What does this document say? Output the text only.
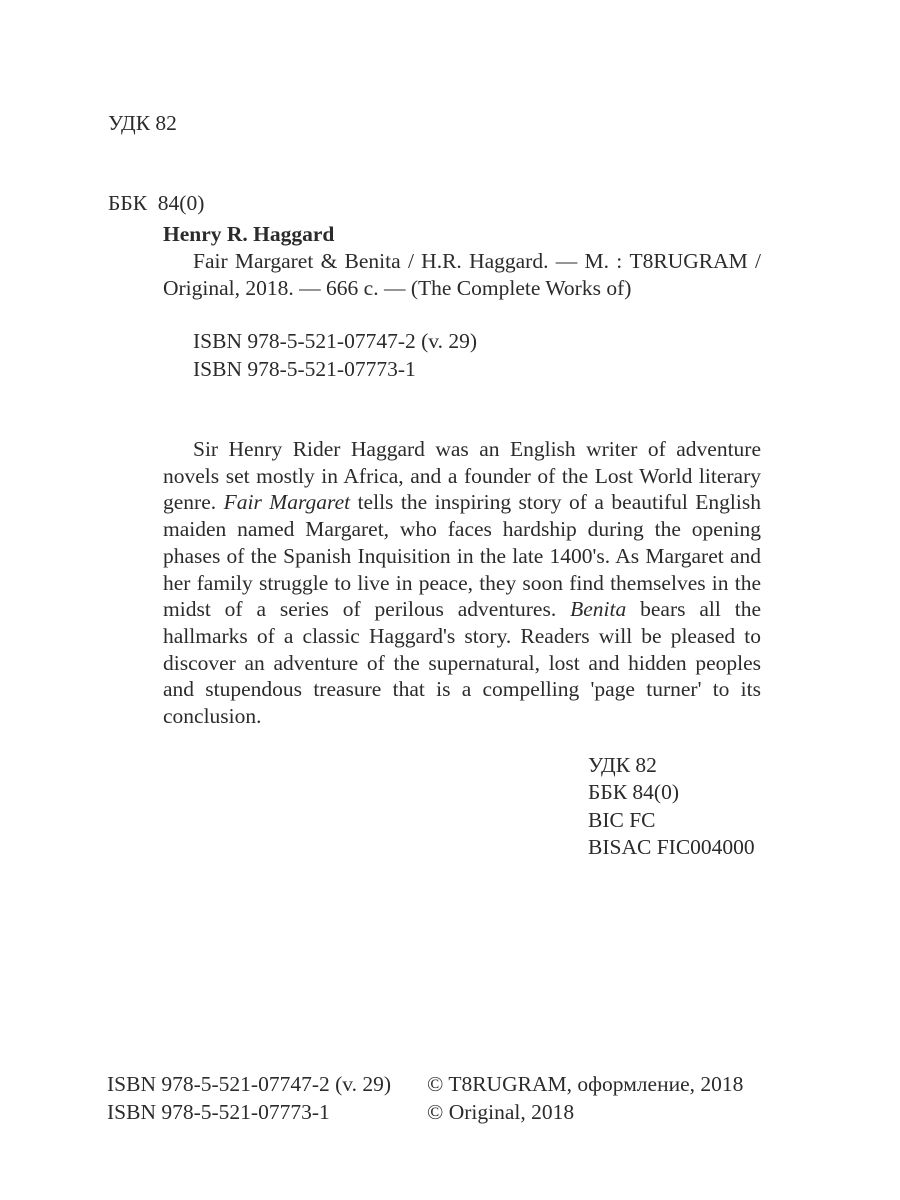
УДК 82

ББК  84(0)

Henry R. Haggard

Fair Margaret & Benita / H.R. Haggard. — М. : T8RUGRAM / Original, 2018. — 666 с. — (The Complete Works of)

ISBN 978-5-521-07747-2 (v. 29)

ISBN 978-5-521-07773-1

Sir Henry Rider Haggard was an English writer of adventure novels set mostly in Africa, and a founder of the Lost World literary genre. Fair Margaret tells the inspiring story of a beautiful English maiden named Margaret, who faces hardship during the opening phases of the Spanish Inquisition in the late 1400's. As Margaret and her family struggle to live in peace, they soon find themselves in the midst of a series of perilous adventures. Benita bears all the hallmarks of a classic Haggard's story. Readers will be pleased to discover an adventure of the supernatural, lost and hidden peoples and stupendous treasure that is a compelling 'page turner' to its conclusion.

УДК 82

ББК 84(0)

BIC FC

BISAC FIC004000

ISBN 978-5-521-07747-2 (v. 29)

ISBN 978-5-521-07773-1

© T8RUGRAM, оформление, 2018

© Original, 2018
